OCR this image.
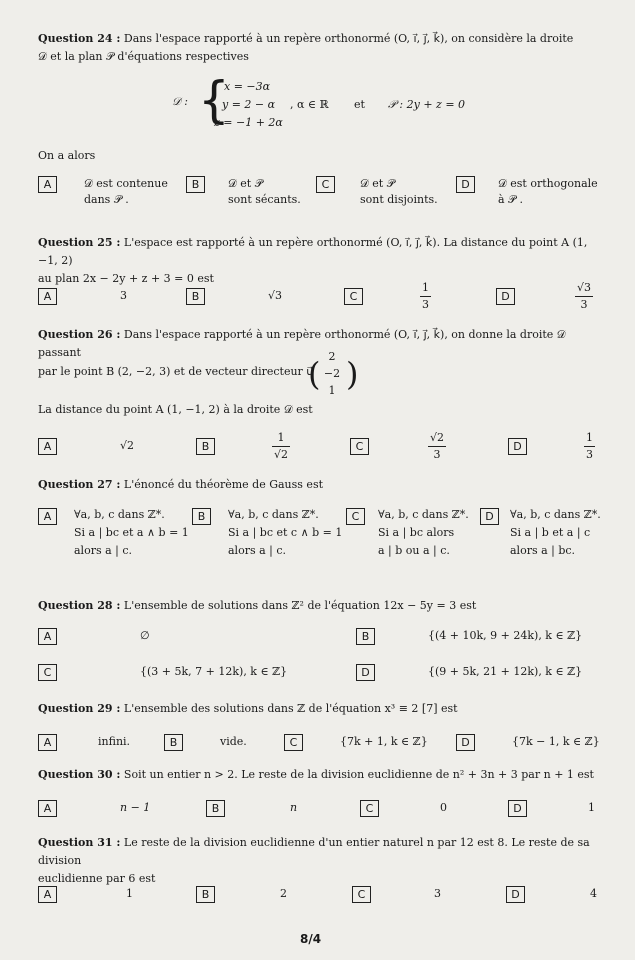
Question 24 : Dans l'espace rapporté à un repère orthonormé (O, i⃗, j⃗, k⃗), on considère la droite
𝒟 et la plan 𝒫 d'équations respectives
𝒟 : {
x = −3α
y = 2 − α
z = −1 + 2α
, α ∈ ℝ et 𝒫 : 2y + z = 0
On a alors
A	𝒟 est contenue
dans 𝒫 .
B	𝒟 et 𝒫
sont sécants.
C	𝒟 et 𝒫
sont disjoints.
D	𝒟 est orthogonale
à 𝒫 .
Question 25 : L'espace est rapporté à un repère orthonormé (O, i⃗, j⃗, k⃗). La distance du point A (1, −1, 2)
au plan 2x − 2y + z + 3 = 0 est
A	3	B	√3	C	$\frac{1}{3}$	D	$\frac{√3}{3}$
Question 26 : Dans l'espace rapporté à un repère orthonormé (O, i⃗, j⃗, k⃗), on donne la droite 𝒟 passant
par le point B (2, −2, 3) et de vecteur directeur u⃗
( 2
−2
1 )
La distance du point A (1, −1, 2) à la droite 𝒟 est
A	√2	B	$\frac{1}{√2}$	C	$\frac{√2}{3}$	D	$\frac{1}{3}$
Question 27 : L'énoncé du théorème de Gauss est
A	∀a, b, c dans ℤ*.
Si a | bc et a ∧ b = 1
alors a | c.
B	∀a, b, c dans ℤ*.
Si a | bc et c ∧ b = 1
alors a | c.
C	∀a, b, c dans ℤ*.
Si a | bc alors
a | b ou a | c.
D	∀a, b, c dans ℤ*.
Si a | b et a | c
alors a | bc.
Question 28 : L'ensemble de solutions dans ℤ² de l'équation 12x − 5y = 3 est
A	∅	B	{(4 + 10k, 9 + 24k), k ∈ ℤ}
C	{(3 + 5k, 7 + 12k), k ∈ ℤ}	D	{(9 + 5k, 21 + 12k), k ∈ ℤ}
Question 29 : L'ensemble des solutions dans ℤ de l'équation x³ ≡ 2 [7] est
A	infini.	B	vide.	C	{7k + 1, k ∈ ℤ}	D	{7k − 1, k ∈ ℤ}
Question 30 : Soit un entier n > 2. Le reste de la division euclidienne de n² + 3n + 3 par n + 1 est
A	n − 1	B	n	C	0	D	1
Question 31 : Le reste de la division euclidienne d'un entier naturel n par 12 est 8. Le reste de sa division
euclidienne par 6 est
A	1	B	2	C	3	D	4
8/4
